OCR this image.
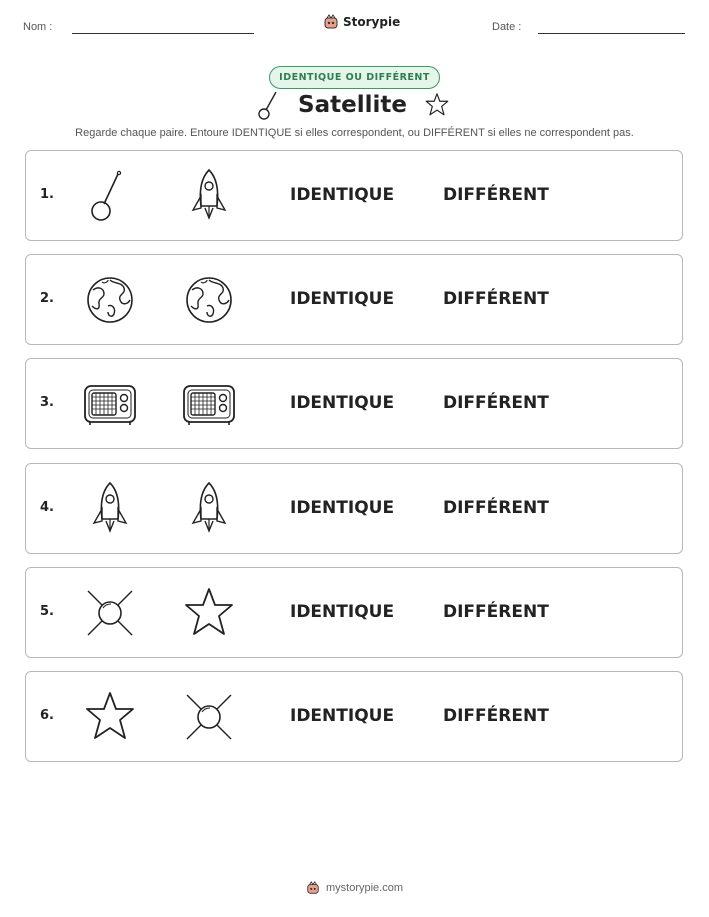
Nom :	Storypie	Date :
IDENTIQUE OU DIFFÉRENT
Satellite
Regarde chaque paire. Entoure IDENTIQUE si elles correspondent, ou DIFFÉRENT si elles ne correspondent pas.
1.	IDENTIQUE	DIFFÉRENT
2.	IDENTIQUE	DIFFÉRENT
3.	IDENTIQUE	DIFFÉRENT
4.	IDENTIQUE	DIFFÉRENT
5.	IDENTIQUE	DIFFÉRENT
6.	IDENTIQUE	DIFFÉRENT
mystorypie.com
